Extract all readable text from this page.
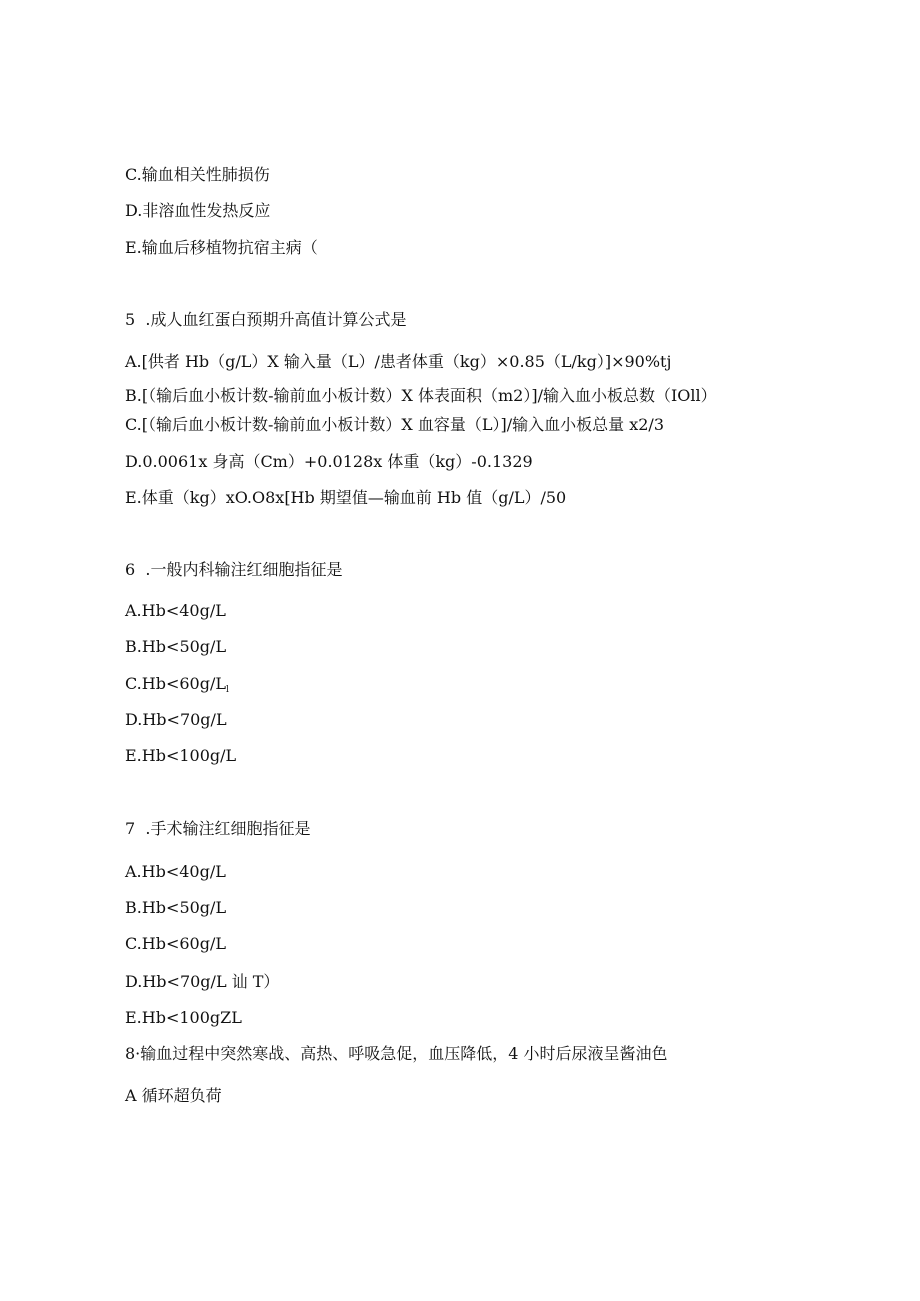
C.输血相关性肺损伤
D.非溶血性发热反应
E.输血后移植物抗宿主病（
5  .成人血红蛋白预期升高值计算公式是
A.[供者 Hb（g/L）X 输入量（L）/患者体重（kg）×0.85（L/kg）]×90%tj
B.[（输后血小板计数-输前血小板计数）X 体表面积（m2）]/输入血小板总数（IOll）
C.[（输后血小板计数-输前血小板计数）X 血容量（L）]/输入血小板总量 x2/3
D.0.0061x 身高（Cm）+0.0128x 体重（kg）-0.1329
E.体重（kg）xO.O8x[Hb 期望值—输血前 Hb 值（g/L）/50
6  .一般内科输注红细胞指征是
A.Hb<40g/L
B.Hb<50g/L
C.Hb<60g/Ll
D.Hb<70g/L
E.Hb<100g/L
7  .手术输注红细胞指征是
A.Hb<40g/L
B.Hb<50g/L
C.Hb<60g/L
D.Hb<70g/L 讪 T）
E.Hb<100gZL
8·输血过程中突然寒战、高热、呼吸急促，血压降低，4 小时后尿液呈酱油色
A 循环超负荷
